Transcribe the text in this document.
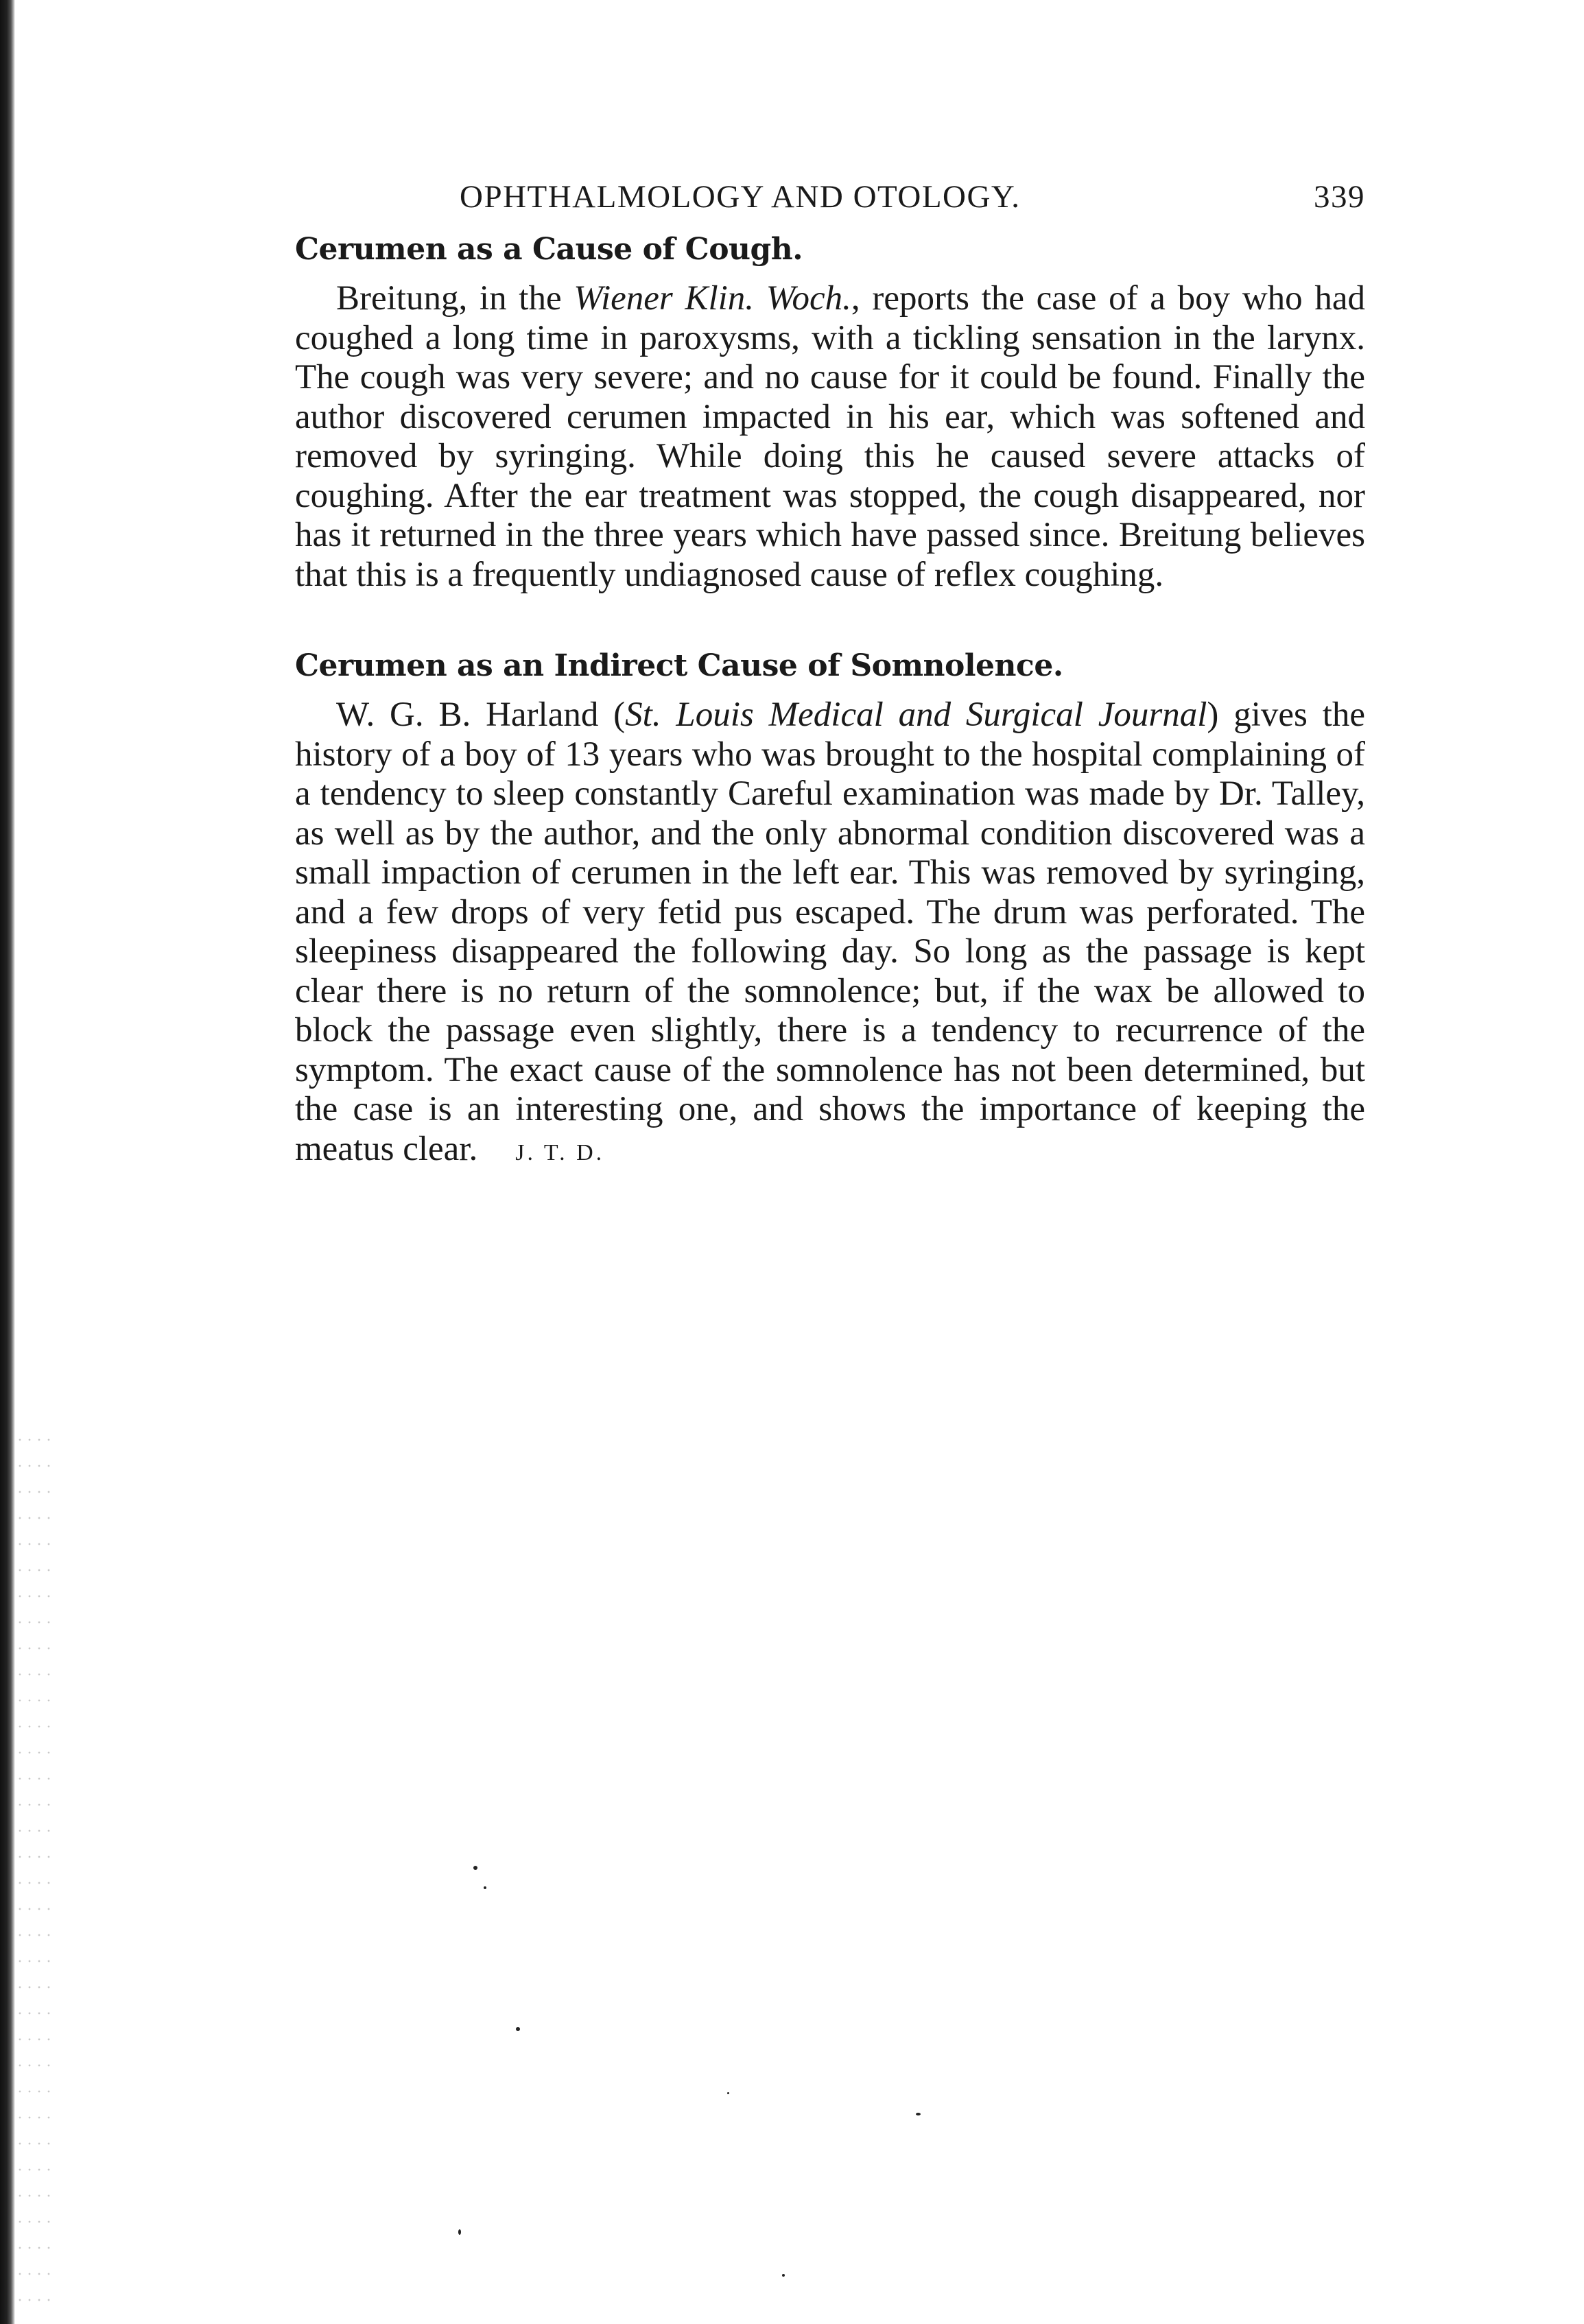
OPHTHALMOLOGY AND OTOLOGY.	339
Cerumen as a Cause of Cough.

Breitung, in the Wiener Klin. Woch., reports the case of a boy who had coughed a long time in paroxysms, with a tickling sensation in the larynx. The cough was very severe; and no cause for it could be found. Finally the author discovered cerumen impacted in his ear, which was softened and removed by syringing. While doing this he caused severe attacks of coughing. After the ear treatment was stopped, the cough disappeared, nor has it returned in the three years which have passed since. Breitung believes that this is a frequently undiagnosed cause of reflex coughing.

Cerumen as an Indirect Cause of Somnolence.

W. G. B. Harland (St. Louis Medical and Surgical Journal) gives the history of a boy of 13 years who was brought to the hospital complaining of a tendency to sleep constantly Careful examination was made by Dr. Talley, as well as by the author, and the only abnormal condition discovered was a small impaction of cerumen in the left ear. This was removed by syringing, and a few drops of very fetid pus escaped. The drum was perforated. The sleepiness disappeared the following day. So long as the passage is kept clear there is no return of the somnolence; but, if the wax be allowed to block the passage even slightly, there is a tendency to recurrence of the symptom. The exact cause of the somnolence has not been determined, but the case is an interesting one, and shows the importance of keeping the meatus clear. J. T. D.
